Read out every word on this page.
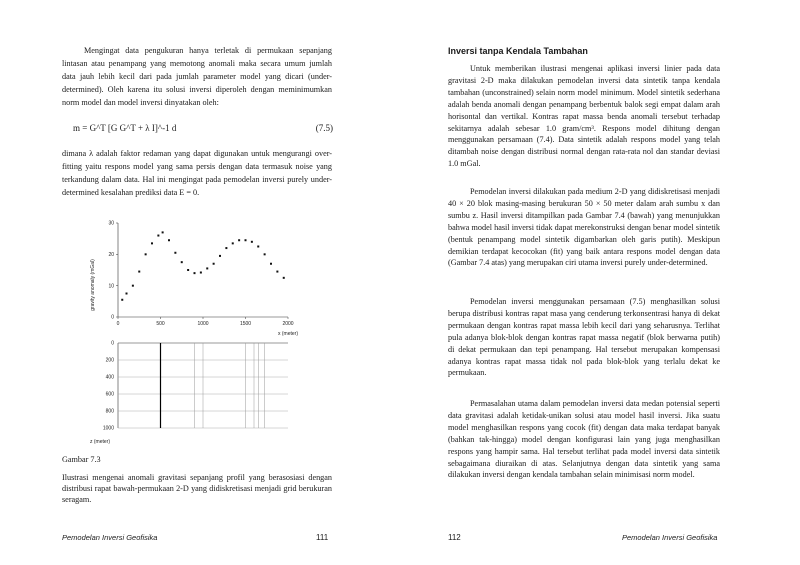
Mengingat data pengukuran hanya terletak di permukaan sepanjang lintasan atau penampang yang memotong anomali maka secara umum jumlah data jauh lebih kecil dari pada jumlah parameter model yang dicari (under-determined). Oleh karena itu solusi inversi diperoleh dengan meminimumkan norm model dan model inversi dinyatakan oleh:

m = G^T [G G^T + λ I]^-1 d	(7.5)

dimana λ adalah faktor redaman yang dapat digunakan untuk mengurangi over-fitting yaitu respons model yang sama persis dengan data termasuk noise yang terkandung dalam data. Hal ini mengingat pada pemodelan inversi purely under-determined kesalahan prediksi data E = 0.

0
10
20
30
0	500	1000	1500	2000
0
200
400
600
800
1000
gravity anomaly (mGal)
x (meter)
z (meter)
Gambar 7.3
Ilustrasi mengenai anomali gravitasi sepanjang profil yang berasosiasi dengan distribusi rapat bawah-permukaan 2-D yang didiskretisasi menjadi grid berukuran seragam.
Pemodelan Inversi Geofisika	111
Inversi tanpa Kendala Tambahan

Untuk memberikan ilustrasi mengenai aplikasi inversi linier pada data gravitasi 2-D maka dilakukan pemodelan inversi data sintetik tanpa kendala tambahan (unconstrained) selain norm model minimum. Model sintetik sederhana adalah benda anomali dengan penampang berbentuk balok segi empat dalam arah horisontal dan vertikal. Kontras rapat massa benda anomali tersebut terhadap sekitarnya adalah sebesar 1.0 gram/cm³. Respons model dihitung dengan menggunakan persamaan (7.4). Data sintetik adalah respons model yang telah ditambah noise dengan distribusi normal dengan rata-rata nol dan standar deviasi 1.0 mGal.

Pemodelan inversi dilakukan pada medium 2-D yang didiskretisasi menjadi 40 × 20 blok masing-masing berukuran 50 × 50 meter dalam arah sumbu x dan sumbu z. Hasil inversi ditampilkan pada Gambar 7.4 (bawah) yang menunjukkan bahwa model hasil inversi tidak dapat merekonstruksi dengan benar model sintetik (bentuk penampang model sintetik digambarkan oleh garis putih). Meskipun demikian terdapat kecocokan (fit) yang baik antara respons model dengan data (Gambar 7.4 atas) yang merupakan ciri utama inversi purely under-determined.

Pemodelan inversi menggunakan persamaan (7.5) menghasilkan solusi berupa distribusi kontras rapat masa yang cenderung terkonsentrasi hanya di dekat permukaan dengan kontras rapat massa lebih kecil dari yang seharusnya. Terlihat pula adanya blok-blok dengan kontras rapat massa negatif (blok berwarna putih) di dekat permukaan dan tepi penampang. Hal tersebut merupakan kompensasi adanya kontras rapat massa tidak nol pada blok-blok yang terlalu dekat ke permukaan.

Permasalahan utama dalam pemodelan inversi data medan potensial seperti data gravitasi adalah ketidak-unikan solusi atau model hasil inversi. Jika suatu model menghasilkan respons yang cocok (fit) dengan data maka terdapat banyak (bahkan tak-hingga) model dengan konfigurasi lain yang juga menghasilkan respons yang hampir sama. Hal tersebut terlihat pada model inversi data sintetik sebagaimana diuraikan di atas. Selanjutnya dengan data sintetik yang sama dilakukan inversi dengan kendala tambahan selain minimisasi norm model.

112	Pemodelan Inversi Geofisika
